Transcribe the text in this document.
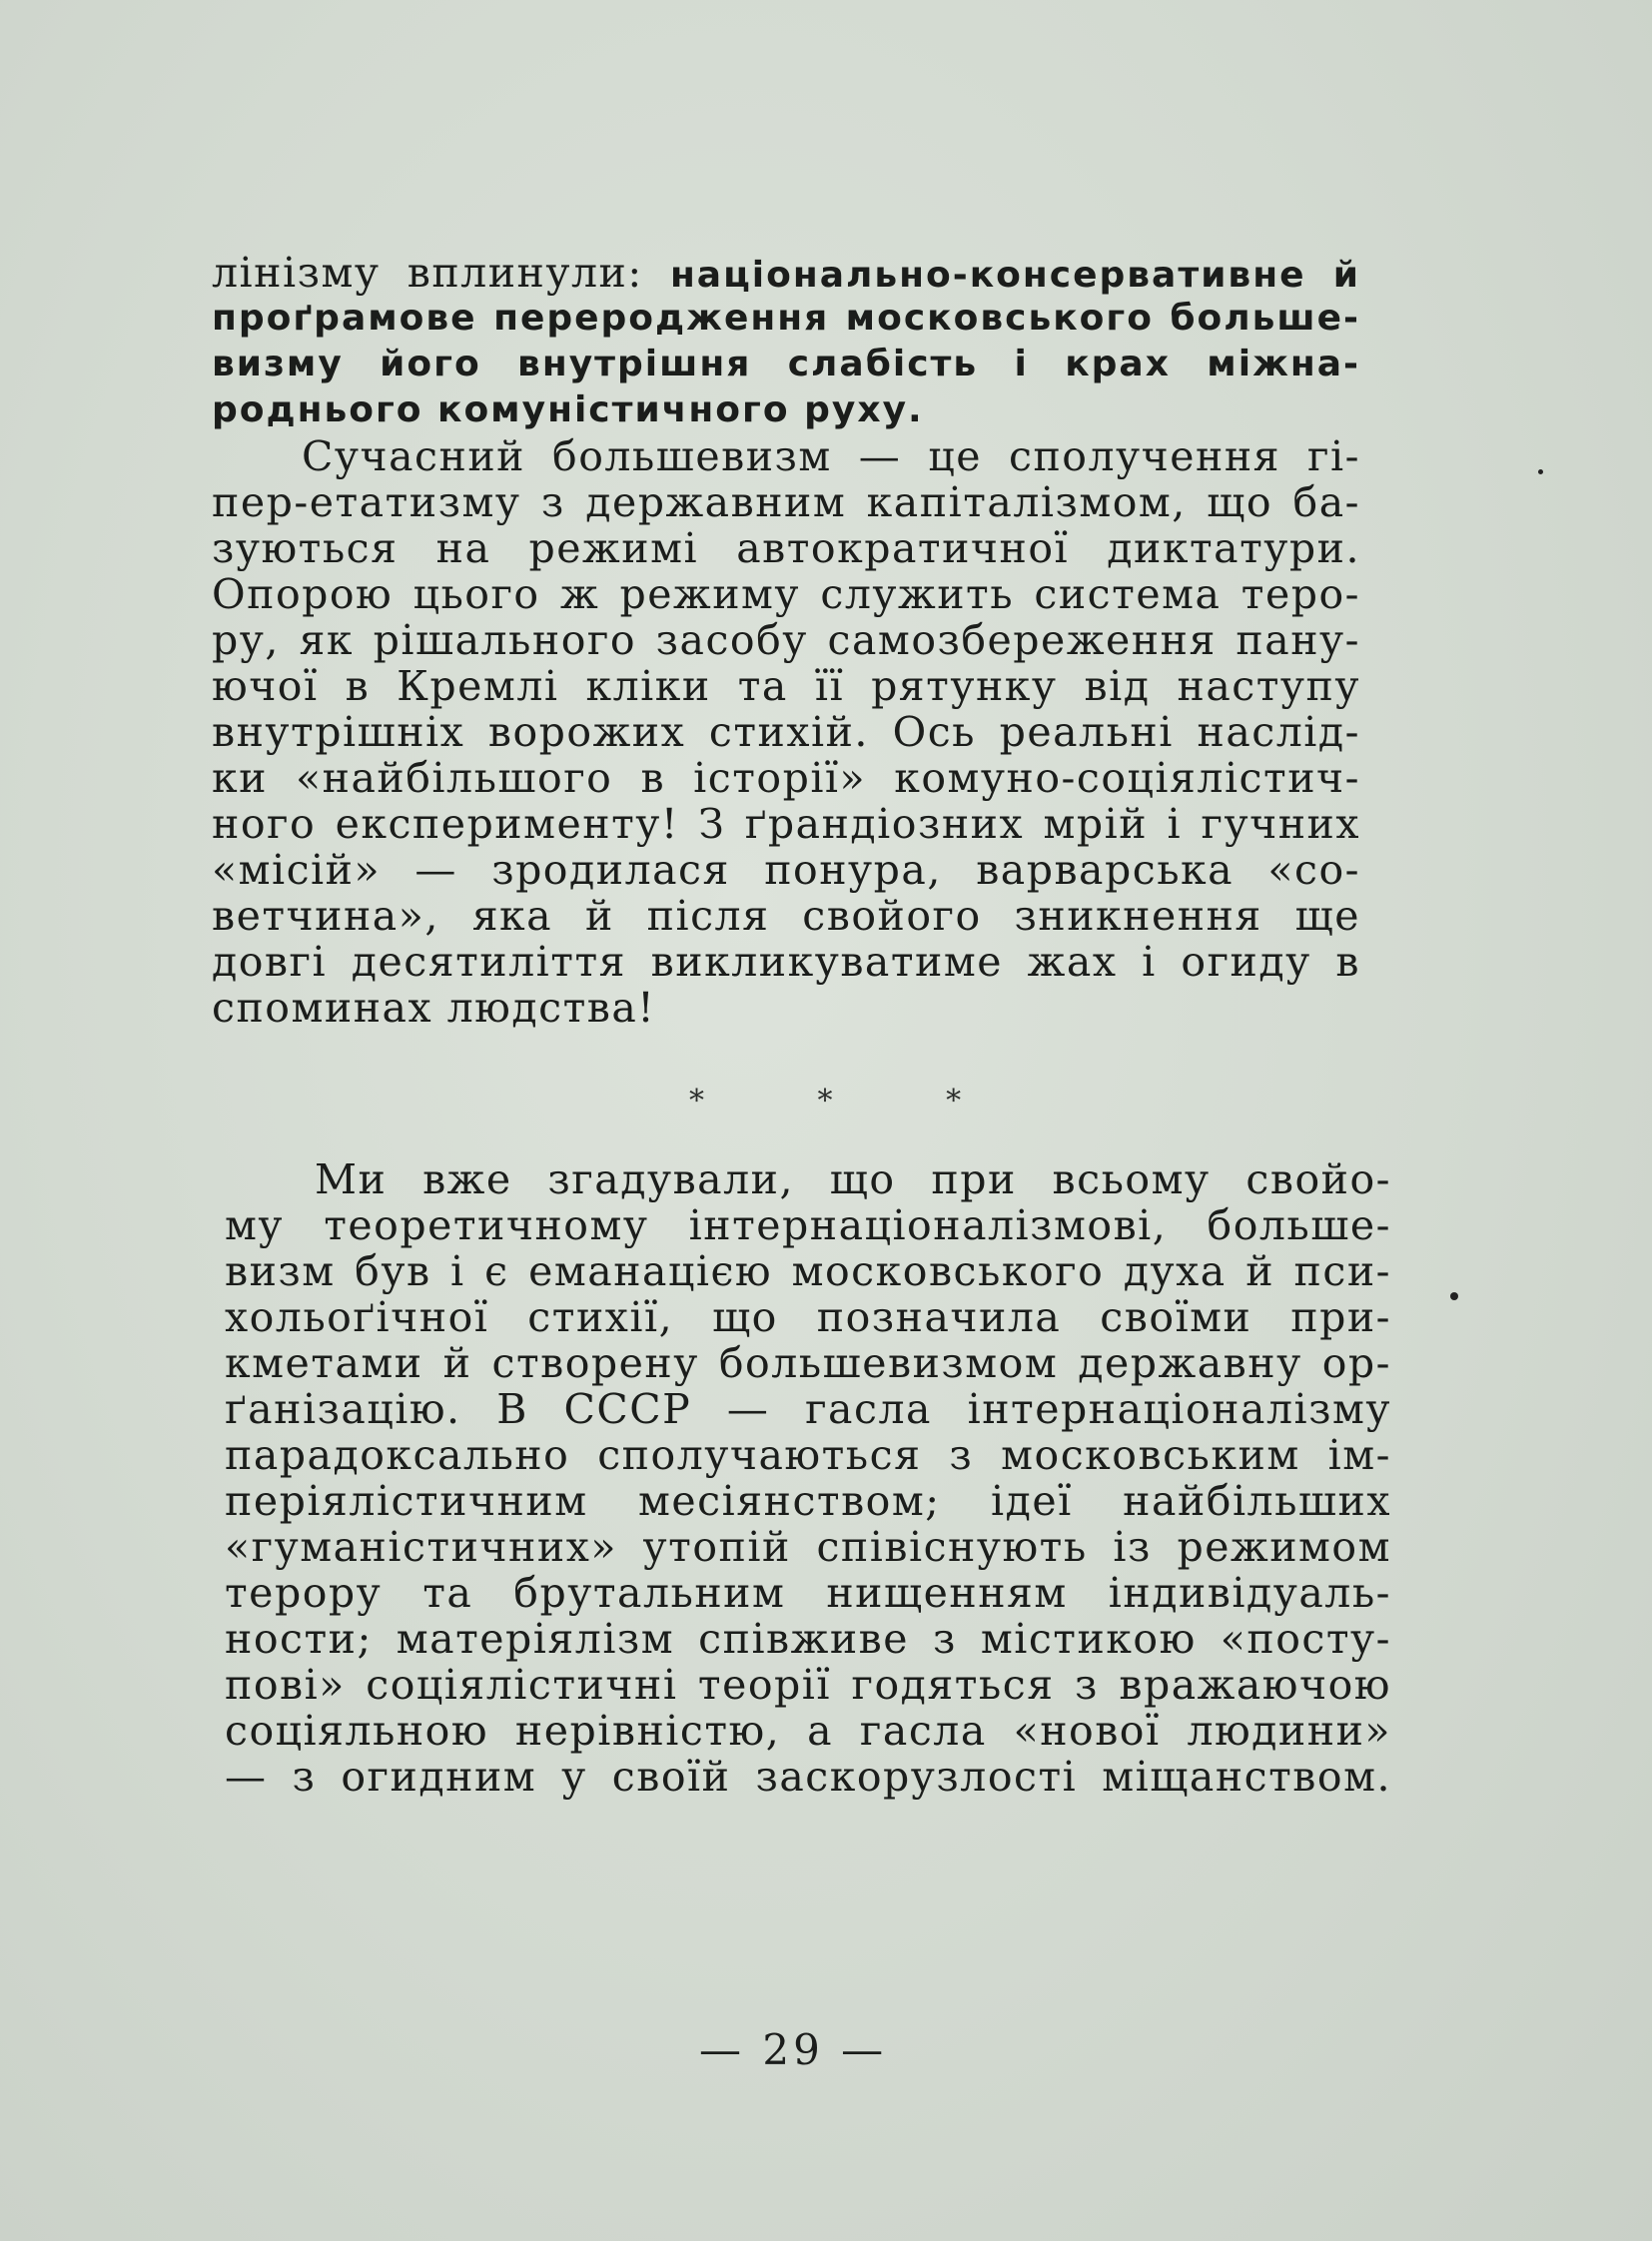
лінізму вплинули: національно-консервативне й
проґрамове переродження московського больше-
визму його внутрішня слабість і крах міжна-
роднього комуністичного руху.
Сучасний большевизм — це сполучення гі-
пер-етатизму з державним капіталізмом, що ба-
зуються на режимі автократичної диктатури.
Опорою цього ж режиму служить система теро-
ру, як рішального засобу самозбереження пану-
ючої в Кремлі кліки та її рятунку від наступу
внутрішніх ворожих стихій. Ось реальні наслід-
ки «найбільшого в історії» комуно-соціялістич-
ного експерименту! З ґрандіозних мрій і гучних
«місій» — зродилася понура, варварська «со-
ветчина», яка й після свойого зникнення ще
довгі десятиліття викликуватиме жах і огиду в
споминах людства!
* * *
Ми вже згадували, що при всьому свойо-
му теоретичному інтернаціоналізмові, больше-
визм був і є еманацією московського духа й пси-
хольоґічної стихії, що позначила своїми при-
кметами й створену большевизмом державну ор-
ґанізацію. В СССР — гасла інтернаціоналізму
парадоксально сполучаються з московським ім-
періялістичним месіянством; ідеї найбільших
«гуманістичних» утопій співіснують із режимом
терору та брутальним нищенням індивідуаль-
ности; матеріялізм співживе з містикою «посту-
пові» соціялістичні теорії годяться з вражаючою
соціяльною нерівністю, а гасла «нової людини»
— з огидним у своїй заскорузлості міщанством.
— 29 —
